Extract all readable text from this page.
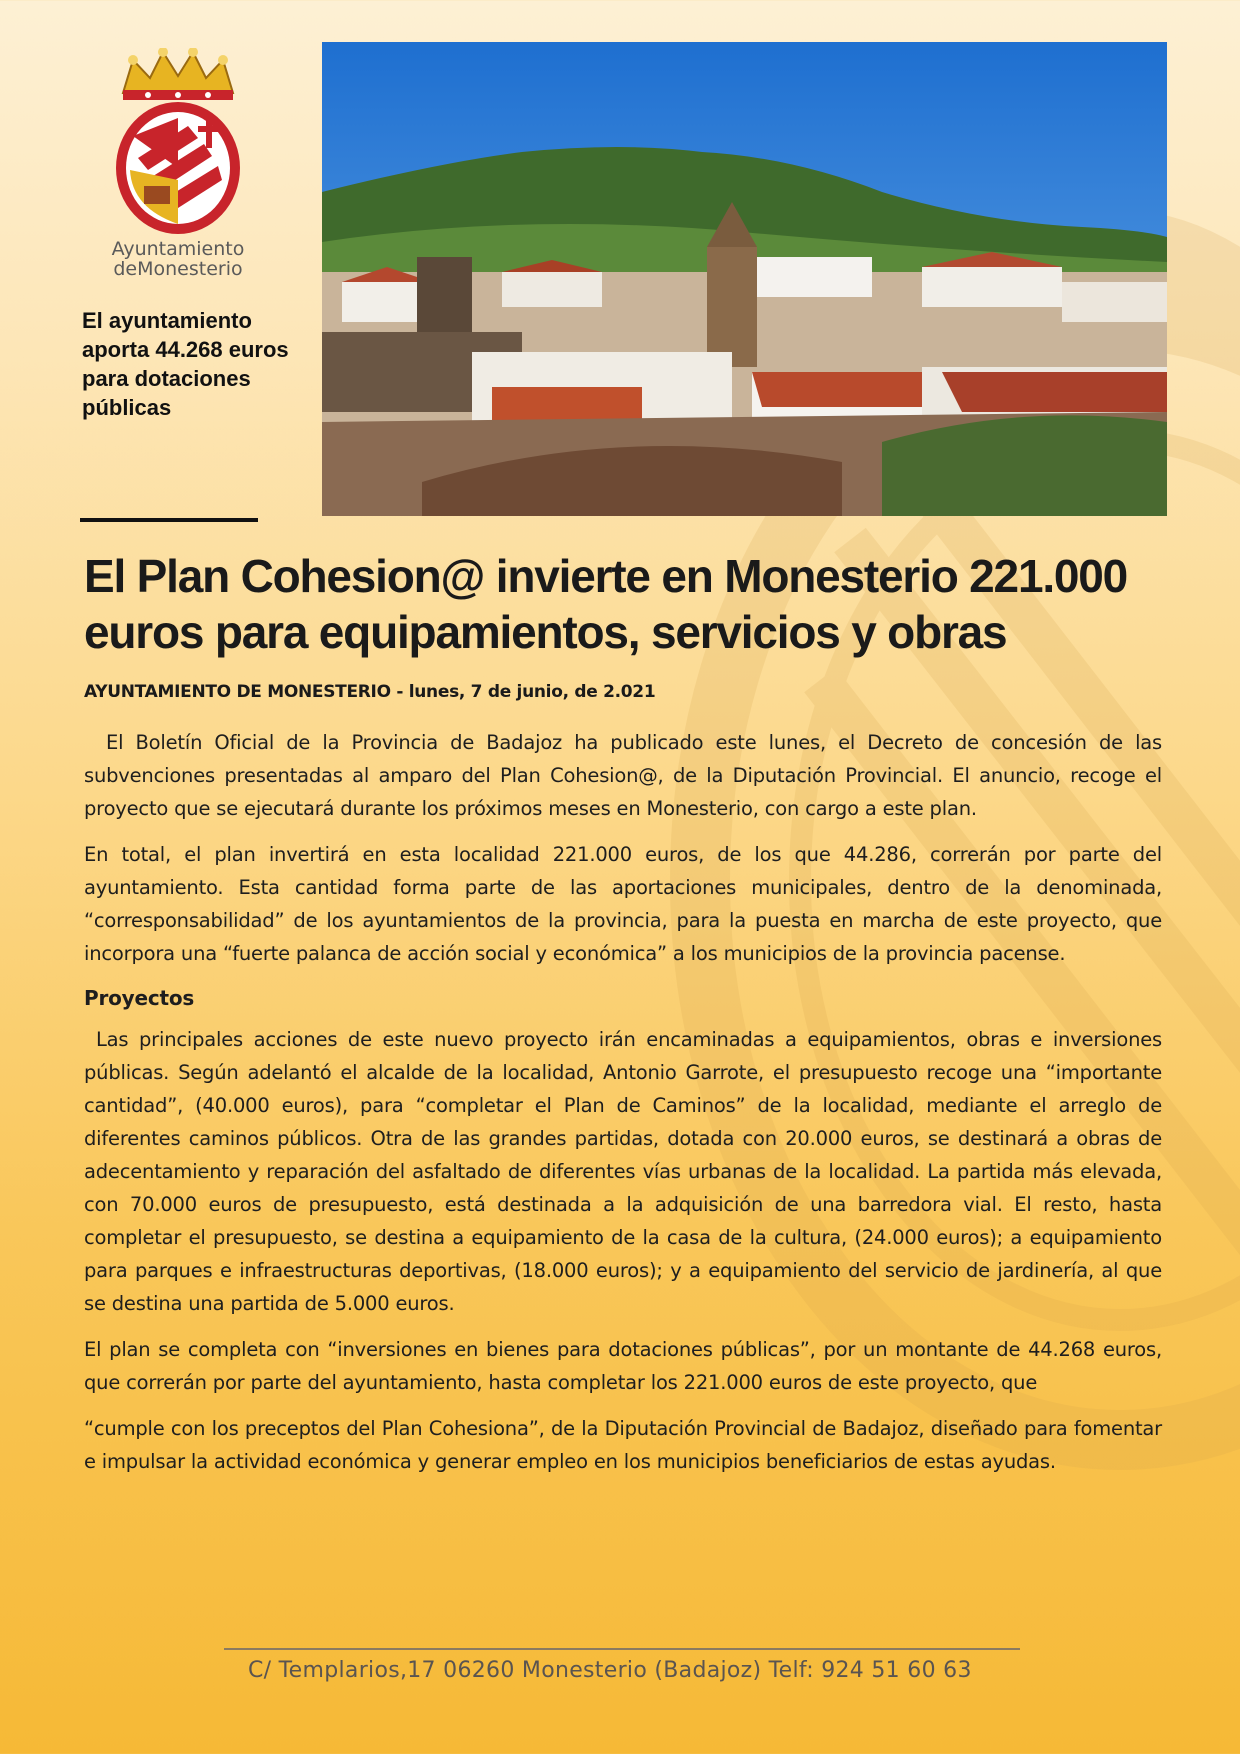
Ayuntamiento
deMonesterio
El ayuntamiento aporta 44.268 euros para dotaciones públicas
El Plan Cohesion@ invierte en Monesterio 221.000 euros para equipamientos, servicios y obras
AYUNTAMIENTO DE MONESTERIO - lunes, 7 de junio, de 2.021

El Boletín Oficial de la Provincia de Badajoz ha publicado este lunes, el Decreto de concesión de las subvenciones presentadas al amparo del Plan Cohesion@, de la Diputación Provincial. El anuncio, recoge el proyecto que se ejecutará durante los próximos meses en Monesterio, con cargo a este plan.

En total, el plan invertirá en esta localidad 221.000 euros, de los que 44.286, correrán por parte del ayuntamiento. Esta cantidad forma parte de las aportaciones municipales, dentro de la denominada, “corresponsabilidad” de los ayuntamientos de la provincia, para la puesta en marcha de este proyecto, que incorpora una “fuerte palanca de acción social y económica” a los municipios de la provincia pacense.

Proyectos

Las principales acciones de este nuevo proyecto irán encaminadas a equipamientos, obras e inversiones públicas. Según adelantó el alcalde de la localidad, Antonio Garrote, el presupuesto recoge una “importante cantidad”, (40.000 euros), para “completar el Plan de Caminos” de la localidad, mediante el arreglo de diferentes caminos públicos. Otra de las grandes partidas, dotada con 20.000 euros, se destinará a obras de adecentamiento y reparación del asfaltado de diferentes vías urbanas de la localidad. La partida más elevada, con 70.000 euros de presupuesto, está destinada a la adquisición de una barredora vial. El resto, hasta completar el presupuesto, se destina a equipamiento de la casa de la cultura, (24.000 euros); a equipamiento para parques e infraestructuras deportivas, (18.000 euros); y a equipamiento del servicio de jardinería, al que se destina una partida de 5.000 euros.

El plan se completa con “inversiones en bienes para dotaciones públicas”, por un montante de 44.268 euros, que correrán por parte del ayuntamiento, hasta completar los 221.000 euros de este proyecto, que

“cumple con los preceptos del Plan Cohesiona”, de la Diputación Provincial de Badajoz, diseñado para fomentar e impulsar la actividad económica y generar empleo en los municipios beneficiarios de estas ayudas.

C/ Templarios,17 06260 Monesterio (Badajoz) Telf: 924 51 60 63
